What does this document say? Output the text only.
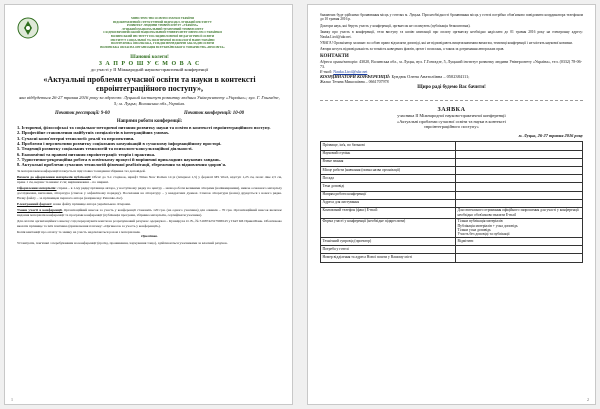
МІНІСТЕРСТВО ОСВІТИ І НАУКИ УКРАЇНИ
ВІДОКРЕМЛЕНИЙ СТРУКТУРНИЙ ПІДРОЗДІЛ ЛУЦЬКИЙ ІНСТИТУТ
РОЗВИТКУ ЛЮДИНИ УНІВЕРСИТЕТУ «УКРАЇНА»
ЛУЦЬКИЙ НАЦІОНАЛЬНИЙ ТЕХНІЧНИЙ УНІВЕРСИТЕТ
СХІДНОЄВРОПЕЙСЬКИЙ НАЦІОНАЛЬНИЙ УНІВЕРСИТЕТ ІМЕНІ ЛЕСІ УКРАЇНКИ
ВОЛИНСЬКИЙ ІНСТИТУТ ПІСЛЯДИПЛОМНОЇ ПЕДАГОГІЧНОЇ ОСВІТИ
ІНСТИТУТ СОЦІАЛЬНОЇ ТА ПОЛІТИЧНОЇ ПСИХОЛОГІЇ НАПН УКРАЇНИ
ПОЛІТЕХНІКА ОПОЛЬСЬКА, ГІЛЬДІЯ МЕНЕДЖЕРІВ ЗАКЛАДІВ ОСВІТИ
ВОЛИНСЬКА ОБЛАСНА ОРГАНІЗАЦІЯ ВСЕУКРАЇНСЬКОГО ТОВАРИСТВА «ПРОСВІТА»
Шановні колеги!
З А П Р О Ш У Є М О В А С
до участі у ІІ Міжнародній науково-практичній конференції
«Актуальні проблеми сучасної освіти та науки в контексті євроінтеграційного поступу»,
яка відбудеться 26-27 травня 2016 року за адресою: Луцький інститут розвитку людини Університету «Україна»; вул. Г. Гонгадзе, 5; м. Луцьк; Волинська обл.,Україна.
Початок реєстрації: 9-00	Початок конференції: 10-00
Напрями роботи конференції:
1. Історичні, філософські та соціально-методичні питання розвитку науки та освіти в контексті євроінтеграційного поступу.
2. Професійне становлення майбутніх спеціалістів в інтеграційних умовах.
3. Сучасні комп'ютерні технології: реалії та перспективи.
4. Проблеми і перспективи розвитку соціальних комунікацій в сучасному інформаційному просторі.
5. Тенденції розвитку соціальних технологій та психолого-консультаційної діяльності.
6. Економічні та правові питання євроінтеграції: теорія і практика.
7. Туристично-рекреаційна робота в освітньому процесі й вирішенні прикладних наукових завдань.
8. Актуальні проблеми сучасних технологій фізичної реабілітації, збереження та відновлення здоров'я.
За матеріалами конференції планується підготовка та видання збірника тез доповідей.
Вимоги до оформлення матеріалів публікації: Обсяг до 3-х сторінок, шрифт Times New Roman 14 pt (інтервал 1,5) у форматі MS Word, відступ 1,25 см, поля: ліве 2,5 см, праве 1 см, верхнє та нижнє 2 см; вирівнювання – по ширині.
Оформлення матеріалів: справа – в 1-му рядку прізвище автора, у наступному рядку по центру – назва роботи великими літерами (напівжирними), нижче основного матеріалу дослідження, висновки, література (список у алфавітному порядку). Посилання на літературу – у квадратних дужках. Список літератури (назва) друкується з нового рядка. Назву файлу – за прізвищем першого автора (наприклад: Petrenko.doc).
Електронний формат: назва файлу прізвище автора українською літерами.
Умови участі в конференції. Організаційний внесок за участь у конференції становить 120 грн. (на одного учасника) для очників – 70 грн. Організаційний внесок включає видання матеріалів конференції та програми конференції (публікація програми, збірника матеріалів, сертифікати учасника).
Для оплати організаційного внеску слід перерахувати кошти на розрахунковий рахунок: одержувач – Кушніруха О. В., № 5168742317996543 у ПАТ КБ ПриватБанк. Обов'язково вказати прізвище та ім'я платника (призначення платежу: «Оргвнесок за участь у конференції»).
Копія квитанції про оплату та заявку на участь надсилаються разом з матеріалами.
Примітка.
Усі витрати, пов'язані з перебуванням на конференції (проїзд, проживання, харчування тощо), здійснюються учасниками за власний рахунок.
1
бажаючих буде здійснено бронювання місць у готелях м. Луцька. При необхідності бронювання місць у готелі потрібно обов'язково повідомити координатора телефоном до 10 травня 2016 р.
Доктори наук, які беруть участь у конференції, оргвнесок не сплачують (публікація безкоштовна).
Заявку про участь в конференції, тези виступу та копію квитанції про оплату оргвнеску необхідно надіслати до 01 травня 2016 року на електронну адресу: Nauka.Lirol@ukr.net.
УВАГА! Організатор залишає за собою право відхиляти доповіді, які не відповідають вищезазначеним вимогам, тематиці конференції і не містять наукової новизни.
Автори несуть відповідальність за точність наведених фактів, цитат і посилань, а також за дотримання авторських прав.
КОНТАКТИ
Адреса організаторів: 43020, Волинська обл., м. Луцьк, вул. Г.Гонгадзе, 5, Луцький інститут розвитку людини Університету «Україна», тел. (0332) 78-06-73.
E-mail: Nauka.Lirol@ukr.net
КООРДИНАТОРИ КОНФЕРЕНЦІЇ: Бундюк Олена Анатоліївна – 0502384111;
Жалко Тетяна Миколаївна – 0661707978
Щиро раді будемо Вас бачити!
ЗАЯВКА
учасника ІІ Міжнародної науково-практичної конференції
«Актуальні проблеми сучасної освіти та науки в контексті
євроінтеграційного поступу»
м. Луцьк, 26-27 травня 2016 року
Прізвище, ім'я, по батькові	
Науковий ступінь	
Вчене звання	
Місце роботи (навчання (повна назва організації)	
Посада	
Тема доповіді	
Напрям роботи конференції	
Адреса для листування	
Контактний телефон (факс) E-mail:	Для своєчасного отримання офіційного запрошення для участі у конференції необхідно обов'язково вказати E-mail
Форма участі у конференції (необхідне підкреслити)	Тільки публікація матеріалів
Публікація матеріалів + усна доповідь
Тільки усна доповідь
Участь без доповіді та публікації

Технічний супровід (проектор)	Відмітити
Потреба у готелі	
Номер відділення та адреса Нової пошти у Вашому місті	
2
